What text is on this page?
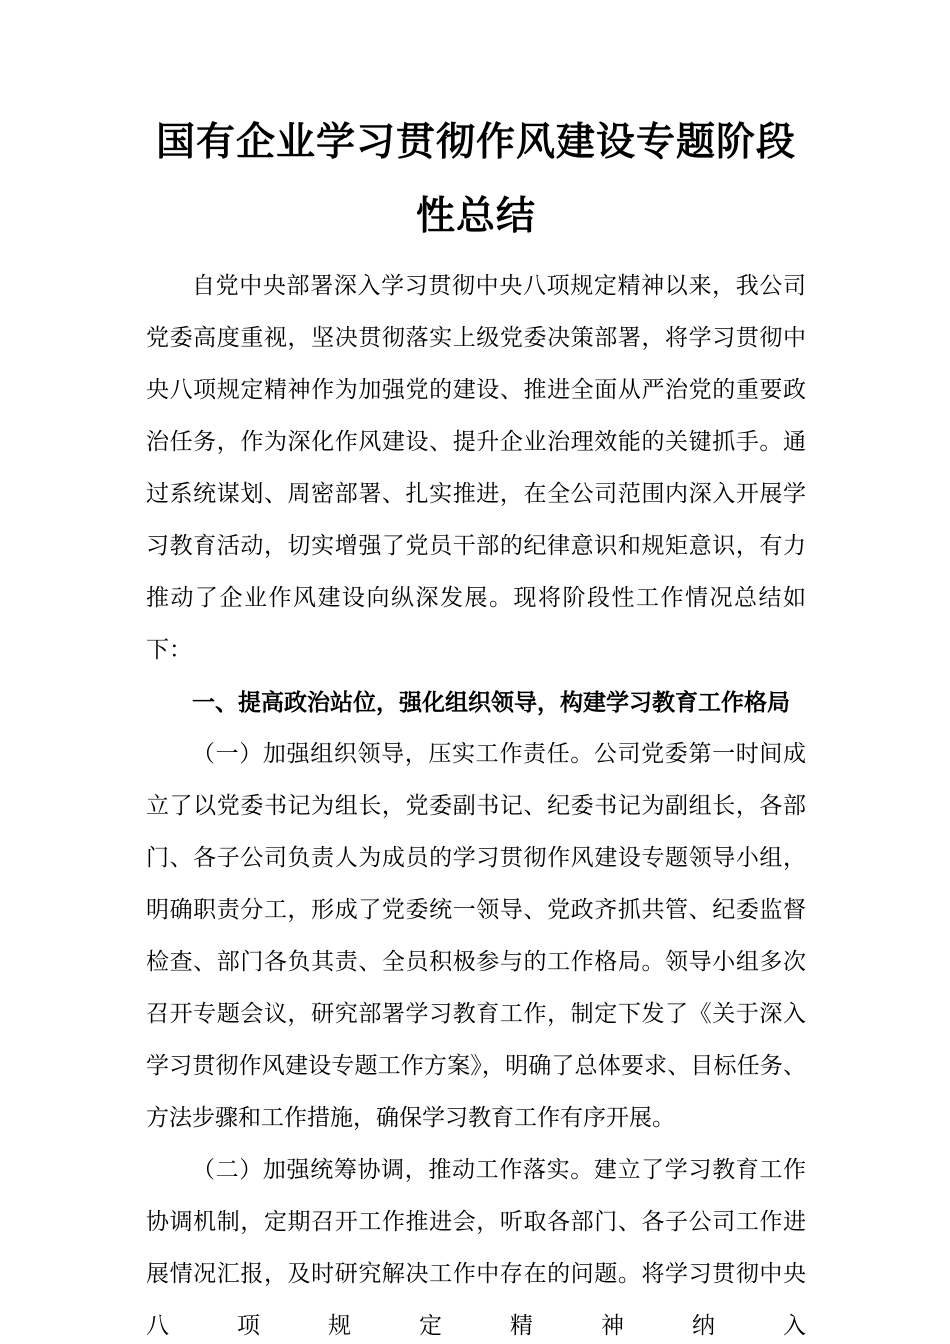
国有企业学习贯彻作风建设专题阶段性总结

自党中央部署深入学习贯彻中央八项规定精神以来，我公司党委高度重视，坚决贯彻落实上级党委决策部署，将学习贯彻中央八项规定精神作为加强党的建设、推进全面从严治党的重要政治任务，作为深化作风建设、提升企业治理效能的关键抓手。通过系统谋划、周密部署、扎实推进，在全公司范围内深入开展学习教育活动，切实增强了党员干部的纪律意识和规矩意识，有力推动了企业作风建设向纵深发展。现将阶段性工作情况总结如下：

一、提高政治站位，强化组织领导，构建学习教育工作格局

（一）加强组织领导，压实工作责任。公司党委第一时间成立了以党委书记为组长，党委副书记、纪委书记为副组长，各部门、各子公司负责人为成员的学习贯彻作风建设专题领导小组，明确职责分工，形成了党委统一领导、党政齐抓共管、纪委监督检查、部门各负其责、全员积极参与的工作格局。领导小组多次召开专题会议，研究部署学习教育工作，制定下发了《关于深入学习贯彻作风建设专题工作方案》，明确了总体要求、目标任务、方法步骤和工作措施，确保学习教育工作有序开展。

（二）加强统筹协调，推动工作落实。建立了学习教育工作协调机制，定期召开工作推进会，听取各部门、各子公司工作进展情况汇报，及时研究解决工作中存在的问题。将学习贯彻中央八项规定精神纳入
